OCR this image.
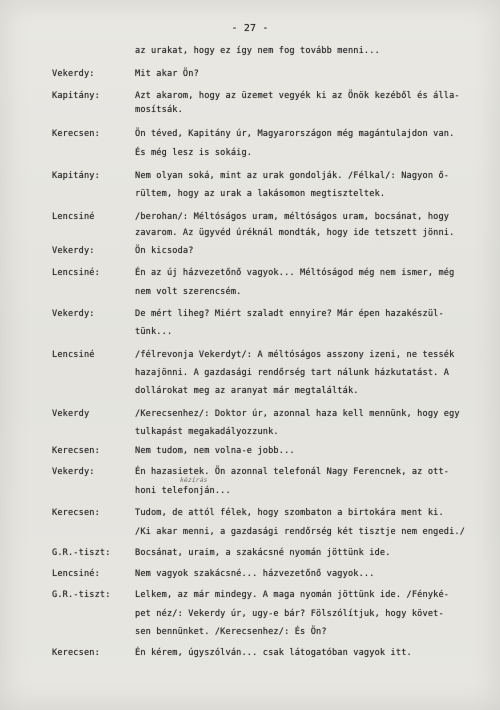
- 27 -
az urakat, hogy ez így nem fog tovább menni...
Vekerdy:	Mit akar Ön?
Kapitány:	Azt akarom, hogy az üzemet vegyék ki az Önök kezéből és álla-
mosítsák.
Kerecsen:	Ön téved, Kapitány úr, Magyarországon még magántulajdon van.
És még lesz is sokáig.
Kapitány:	Nem olyan soká, mint az urak gondolják. /Félkal/: Nagyon ő-
rültem, hogy az urak a lakásomon megtiszteltek.
Lencsiné	/berohan/: Méltóságos uram, méltóságos uram, bocsánat, hogy
zavarom. Az ügyvéd úréknál mondták, hogy ide tetszett jönni.
Vekerdy:	Ön kicsoda?
Lencsiné:	Én az új házvezetőnő vagyok... Méltóságod még nem ismer, még
nem volt szerencsém.
Vekerdy:	De mért liheg? Miért szaladt ennyire? Már épen hazakészül-
tünk...
Lencsiné	/félrevonja Vekerdyt/: A méltóságos asszony izeni, ne tessék
hazajönni. A gazdasági rendőrség tart nálunk házkutatást. A
dollárokat meg az aranyat már megtalálták.
Vekerdy	/Kerecsenhez/: Doktor úr, azonnal haza kell mennünk, hogy egy
tulkapást megakadályozzunk.
Kerecsen:	Nem tudom, nem volna-e jobb...
Vekerdy:	Én hazasietek. Ön azonnal telefonál Nagy Ferencnek, az ott-
honi telefonján...
Kerecsen:	Tudom, de attól félek, hogy szombaton a birtokára ment ki.
/Ki akar menni, a gazdasági rendőrség két tisztje nem engedi./
G.R.-tiszt:	Bocsánat, uraim, a szakácsné nyomán jöttünk ide.
Lencsiné:	Nem vagyok szakácsné... házvezetőnő vagyok...
G.R.-tiszt:	Lelkem, az már mindegy. A maga nyomán jöttünk ide. /Fényké-
pet néz/: Vekerdy úr, ugy-e bár? Fölszólítjuk, hogy követ-
sen bennünket. /Kerecsenhez/: És Ön?
Kerecsen:	Én kérem, úgyszólván... csak látogatóban vagyok itt.
kézírás
